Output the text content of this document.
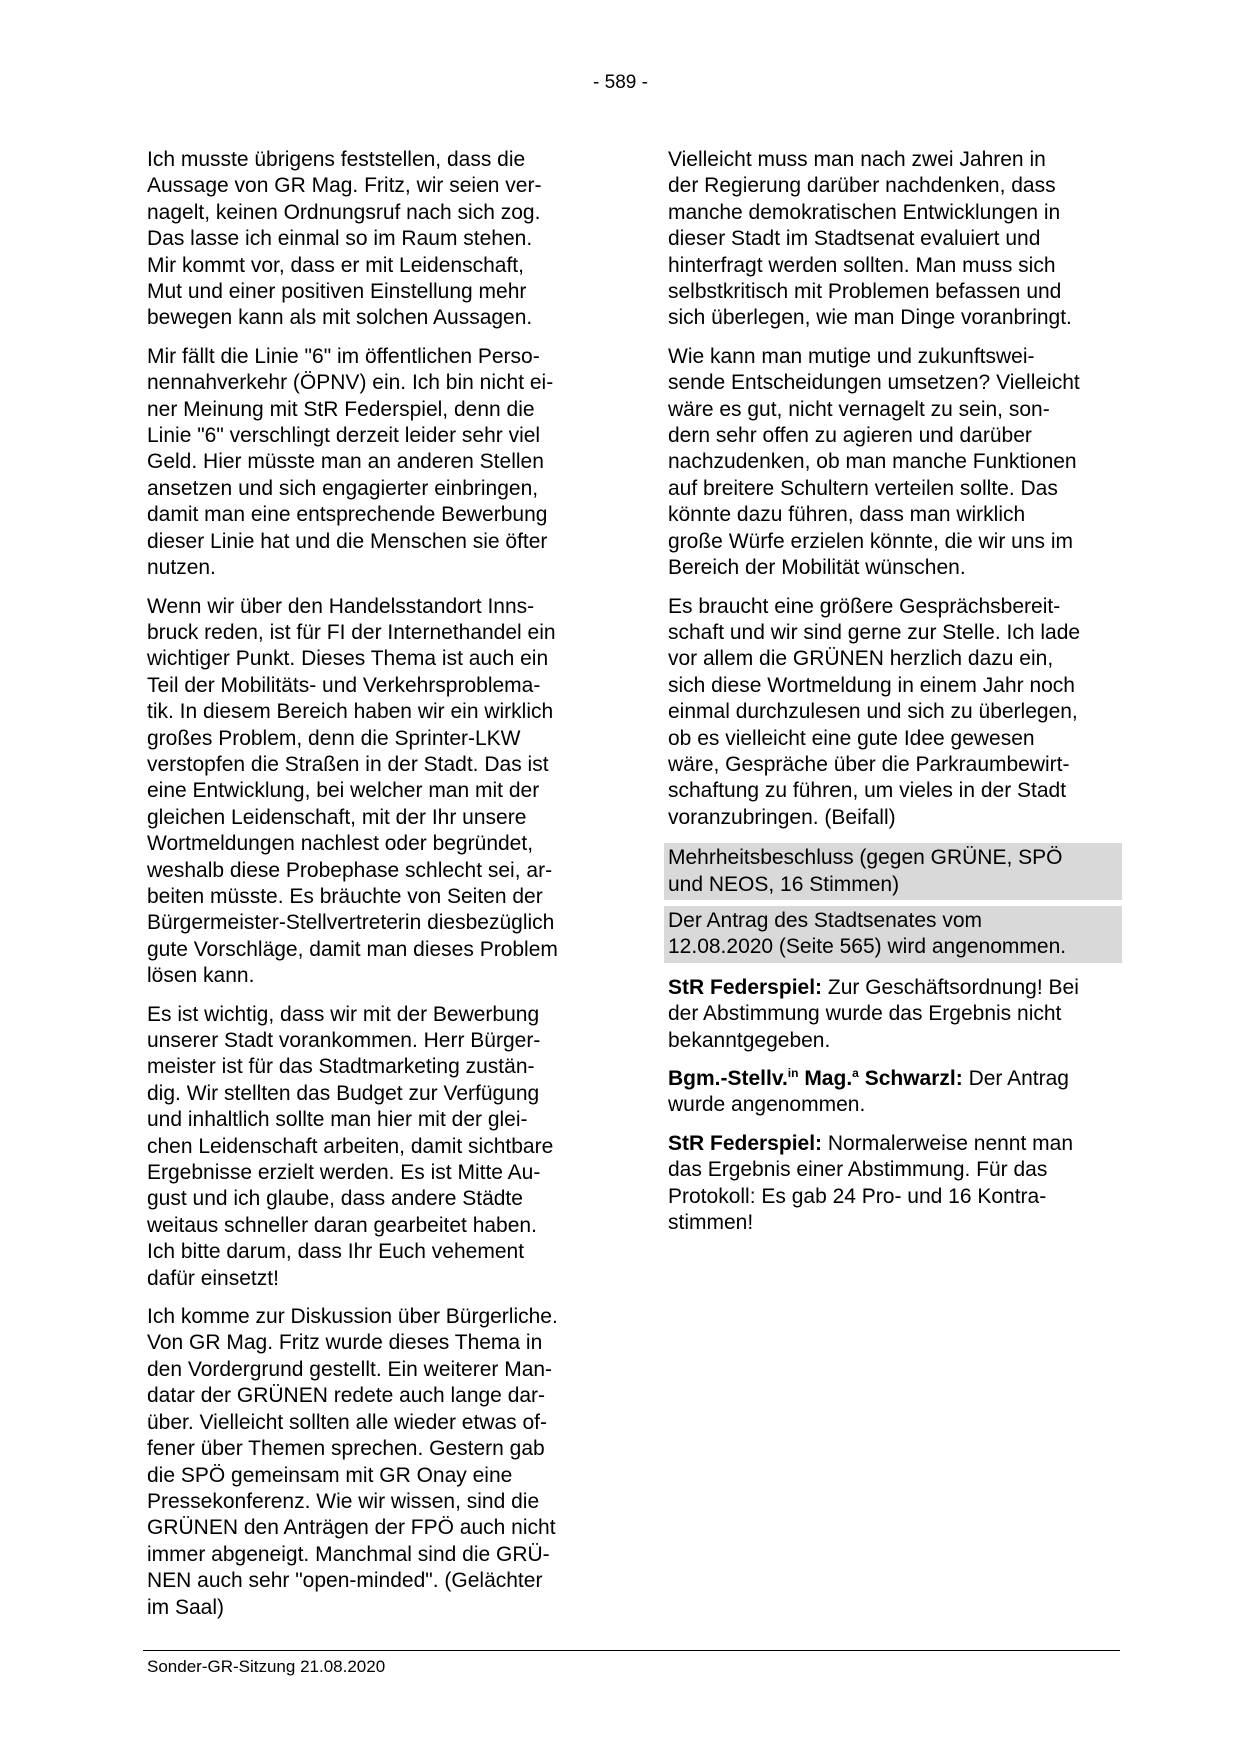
- 589 -

Ich musste übrigens feststellen, dass die
Aussage von GR Mag. Fritz, wir seien ver-
nagelt, keinen Ordnungsruf nach sich zog.
Das lasse ich einmal so im Raum stehen.
Mir kommt vor, dass er mit Leidenschaft,
Mut und einer positiven Einstellung mehr
bewegen kann als mit solchen Aussagen.

Mir fällt die Linie "6" im öffentlichen Perso-
nennahverkehr (ÖPNV) ein. Ich bin nicht ei-
ner Meinung mit StR Federspiel, denn die
Linie "6" verschlingt derzeit leider sehr viel
Geld. Hier müsste man an anderen Stellen
ansetzen und sich engagierter einbringen,
damit man eine entsprechende Bewerbung
dieser Linie hat und die Menschen sie öfter
nutzen.

Wenn wir über den Handelsstandort Inns-
bruck reden, ist für FI der Internethandel ein
wichtiger Punkt. Dieses Thema ist auch ein
Teil der Mobilitäts- und Verkehrsproblema-
tik. In diesem Bereich haben wir ein wirklich
großes Problem, denn die Sprinter-LKW
verstopfen die Straßen in der Stadt. Das ist
eine Entwicklung, bei welcher man mit der
gleichen Leidenschaft, mit der Ihr unsere
Wortmeldungen nachlest oder begründet,
weshalb diese Probephase schlecht sei, ar-
beiten müsste. Es bräuchte von Seiten der
Bürgermeister-Stellvertreterin diesbezüglich
gute Vorschläge, damit man dieses Problem
lösen kann.

Es ist wichtig, dass wir mit der Bewerbung
unserer Stadt vorankommen. Herr Bürger-
meister ist für das Stadtmarketing zustän-
dig. Wir stellten das Budget zur Verfügung
und inhaltlich sollte man hier mit der glei-
chen Leidenschaft arbeiten, damit sichtbare
Ergebnisse erzielt werden. Es ist Mitte Au-
gust und ich glaube, dass andere Städte
weitaus schneller daran gearbeitet haben.
Ich bitte darum, dass Ihr Euch vehement
dafür einsetzt!

Ich komme zur Diskussion über Bürgerliche.
Von GR Mag. Fritz wurde dieses Thema in
den Vordergrund gestellt. Ein weiterer Man-
datar der GRÜNEN redete auch lange dar-
über. Vielleicht sollten alle wieder etwas of-
fener über Themen sprechen. Gestern gab
die SPÖ gemeinsam mit GR Onay eine
Pressekonferenz. Wie wir wissen, sind die
GRÜNEN den Anträgen der FPÖ auch nicht
immer abgeneigt. Manchmal sind die GRÜ-
NEN auch sehr "open-minded". (Gelächter
im Saal)

Vielleicht muss man nach zwei Jahren in
der Regierung darüber nachdenken, dass
manche demokratischen Entwicklungen in
dieser Stadt im Stadtsenat evaluiert und
hinterfragt werden sollten. Man muss sich
selbstkritisch mit Problemen befassen und
sich überlegen, wie man Dinge voranbringt.

Wie kann man mutige und zukunftswei-
sende Entscheidungen umsetzen? Vielleicht
wäre es gut, nicht vernagelt zu sein, son-
dern sehr offen zu agieren und darüber
nachzudenken, ob man manche Funktionen
auf breitere Schultern verteilen sollte. Das
könnte dazu führen, dass man wirklich
große Würfe erzielen könnte, die wir uns im
Bereich der Mobilität wünschen.

Es braucht eine größere Gesprächsbereit-
schaft und wir sind gerne zur Stelle. Ich lade
vor allem die GRÜNEN herzlich dazu ein,
sich diese Wortmeldung in einem Jahr noch
einmal durchzulesen und sich zu überlegen,
ob es vielleicht eine gute Idee gewesen
wäre, Gespräche über die Parkraumbewirt-
schaftung zu führen, um vieles in der Stadt
voranzubringen. (Beifall)

Mehrheitsbeschluss (gegen GRÜNE, SPÖ
und NEOS, 16 Stimmen)

Der Antrag des Stadtsenates vom
12.08.2020 (Seite 565) wird angenommen.

StR Federspiel: Zur Geschäftsordnung! Bei
der Abstimmung wurde das Ergebnis nicht
bekanntgegeben.

Bgm.-Stellv.$^{in}$ Mag.$^a$ Schwarzl: Der Antrag
wurde angenommen.

StR Federspiel: Normalerweise nennt man
das Ergebnis einer Abstimmung. Für das
Protokoll: Es gab 24 Pro- und 16 Kontra-
stimmen!

Sonder-GR-Sitzung 21.08.2020
